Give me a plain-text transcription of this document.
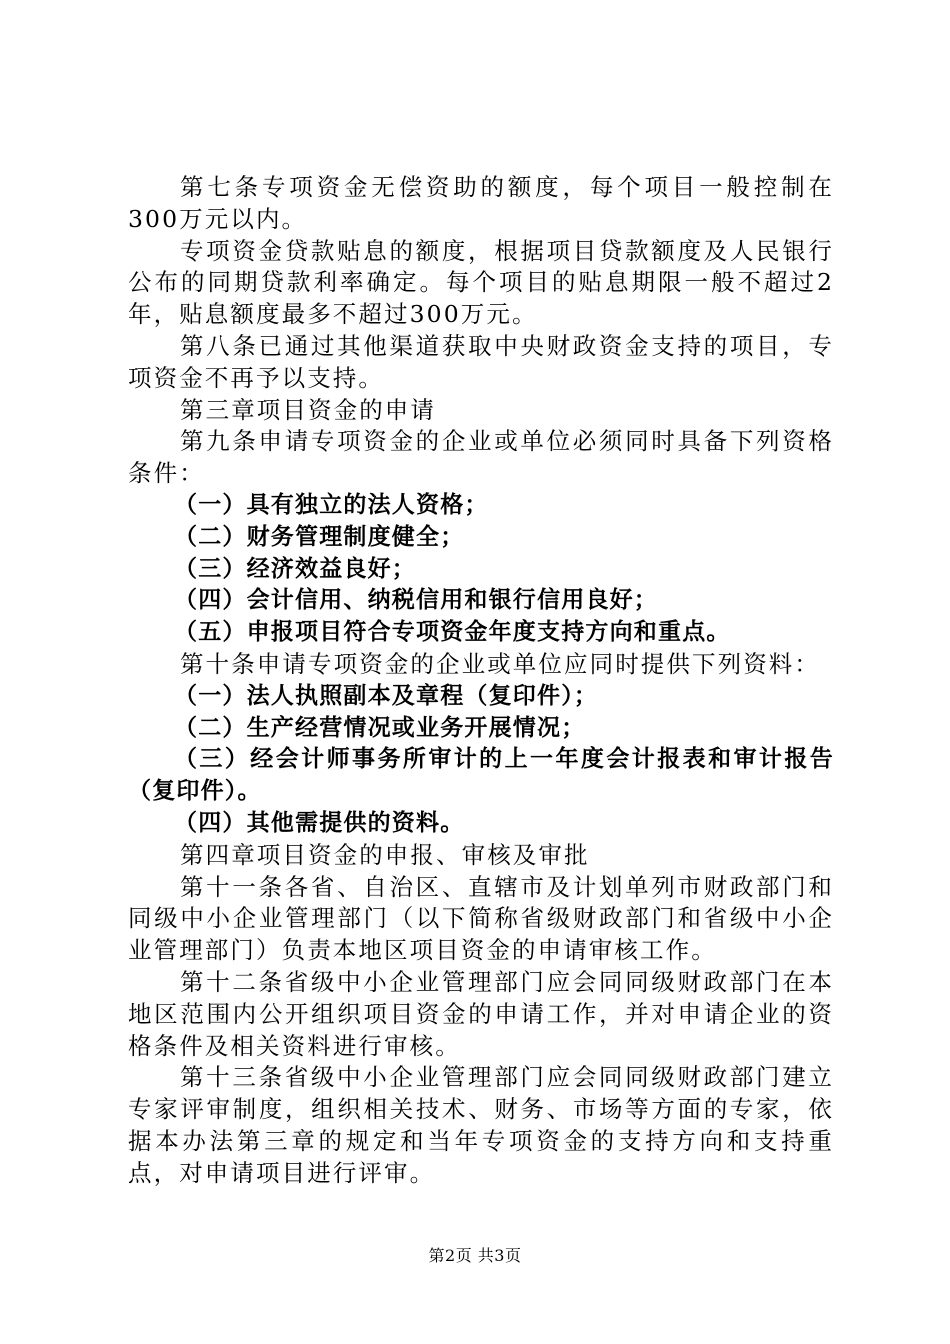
第七条专项资金无偿资助的额度，每个项目一般控制在300万元以内。

专项资金贷款贴息的额度，根据项目贷款额度及人民银行公布的同期贷款利率确定。每个项目的贴息期限一般不超过2年，贴息额度最多不超过300万元。

第八条已通过其他渠道获取中央财政资金支持的项目，专项资金不再予以支持。

第三章项目资金的申请

第九条申请专项资金的企业或单位必须同时具备下列资格条件：

（一）具有独立的法人资格；

（二）财务管理制度健全；

（三）经济效益良好；

（四）会计信用、纳税信用和银行信用良好；

（五）申报项目符合专项资金年度支持方向和重点。

第十条申请专项资金的企业或单位应同时提供下列资料：

（一）法人执照副本及章程（复印件）；

（二）生产经营情况或业务开展情况；

（三）经会计师事务所审计的上一年度会计报表和审计报告（复印件）。

（四）其他需提供的资料。

第四章项目资金的申报、审核及审批

第十一条各省、自治区、直辖市及计划单列市财政部门和同级中小企业管理部门（以下简称省级财政部门和省级中小企业管理部门）负责本地区项目资金的申请审核工作。

第十二条省级中小企业管理部门应会同同级财政部门在本地区范围内公开组织项目资金的申请工作，并对申请企业的资格条件及相关资料进行审核。

第十三条省级中小企业管理部门应会同同级财政部门建立专家评审制度，组织相关技术、财务、市场等方面的专家，依据本办法第三章的规定和当年专项资金的支持方向和支持重点，对申请项目进行评审。

第2页 共3页
